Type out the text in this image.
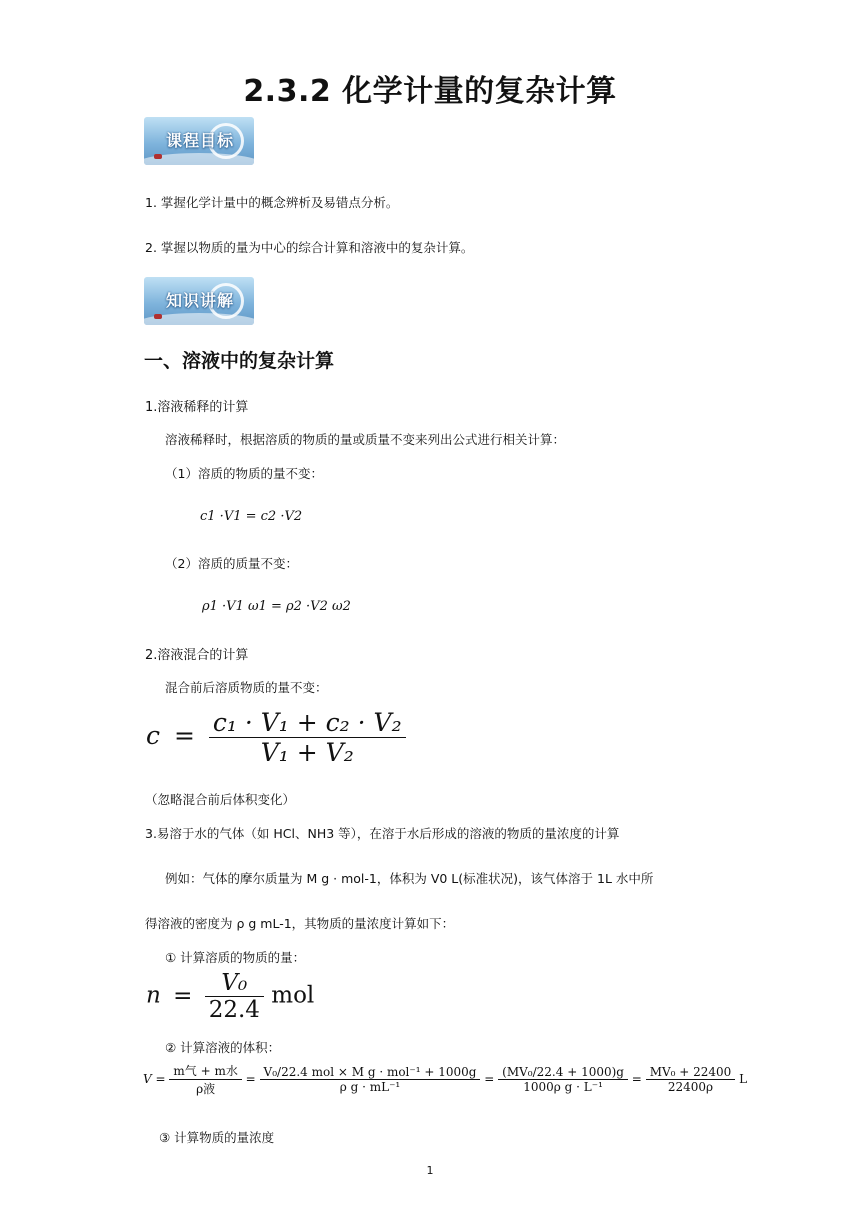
2.3.2 化学计量的复杂计算
课程目标
1. 掌握化学计量中的概念辨析及易错点分析。
2. 掌握以物质的量为中心的综合计算和溶液中的复杂计算。
知识讲解
一、溶液中的复杂计算
1.溶液稀释的计算
溶液稀释时，根据溶质的物质的量或质量不变来列出公式进行相关计算：
（1）溶质的物质的量不变：
c1 ·V1 = c2 ·V2
（2）溶质的质量不变：
ρ1 ·V1 ω1 = ρ2 ·V2 ω2
2.溶液混合的计算
混合前后溶质物质的量不变：
$c = \frac{\text{c₁ · V₁ + c₂ · V₂}}{\text{V₁ + V₂}}$
（忽略混合前后体积变化）
3.易溶于水的气体（如 HCl、NH3 等），在溶于水后形成的溶液的物质的量浓度的计算
例如：气体的摩尔质量为 M g · mol-1，体积为 V0 L(标准状况)，该气体溶于 1L 水中所
得溶液的密度为 ρ g mL-1，其物质的量浓度计算如下：
① 计算溶质的物质的量：
$n = \frac{\text{V₀}}{22.4}$ mol
② 计算溶液的体积：
$V = \frac{\text{m气 + m水}}{\text{ρ液}} = \frac{\text{V₀/22.4 mol × M g · mol⁻¹ + 1000g}}{\text{ρ g · mL⁻¹}} = \frac{\text{(MV₀/22.4 + 1000)g}}{\text{1000ρ g · L⁻¹}} = \frac{\text{MV₀ + 22400}}{22400\rho}$ L
③ 计算物质的量浓度
1
